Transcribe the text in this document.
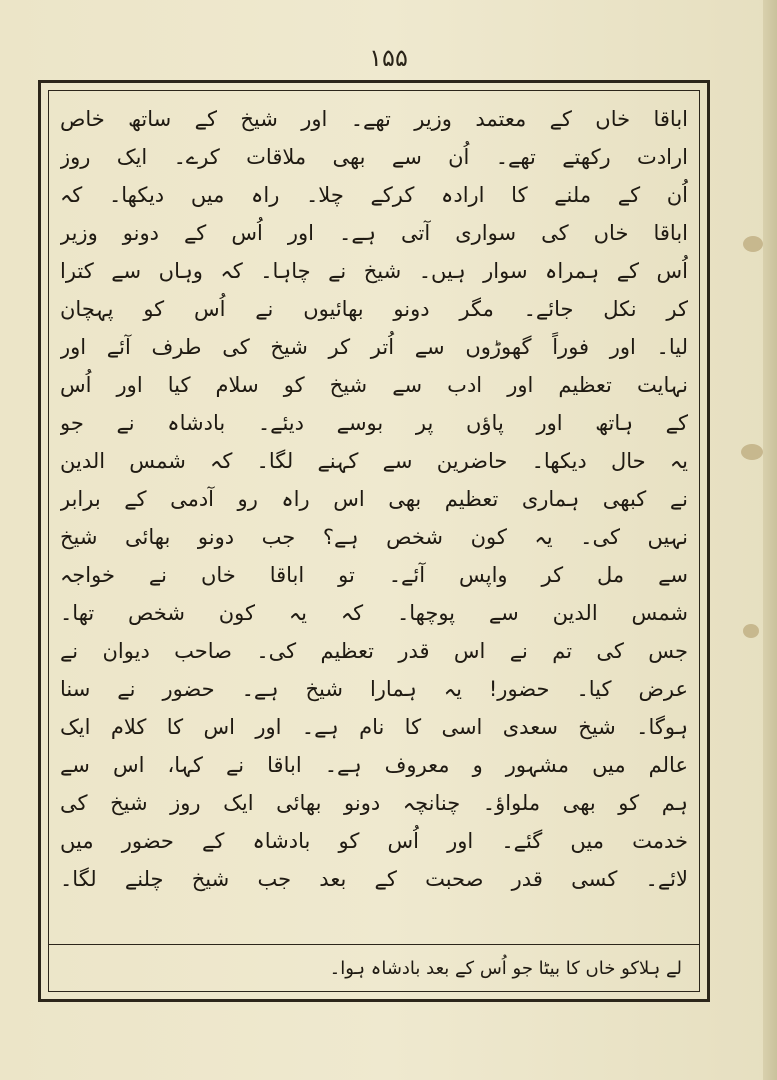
۱۵۵
اباقا خاں کے معتمد وزیر تھے۔ اور شیخ کے ساتھ خاص
ارادت رکھتے تھے۔ اُن سے بھی ملاقات کرے۔ ایک روز
اُن کے ملنے کا ارادہ کرکے چلا۔ راہ میں دیکھا۔ کہ
اباقا خاں کی سواری آتی ہے۔ اور اُس کے دونو وزیر
اُس کے ہمراہ سوار ہیں۔ شیخ نے چاہا۔ کہ وہاں سے کترا
کر نکل جائے۔ مگر دونو بھائیوں نے اُس کو پہچان
لیا۔ اور فوراً گھوڑوں سے اُتر کر شیخ کی طرف آئے اور
نہایت تعظیم اور ادب سے شیخ کو سلام کیا اور اُس
کے ہاتھ اور پاؤں پر بوسے دیئے۔ بادشاہ نے جو
یہ حال دیکھا۔ حاضرین سے کہنے لگا۔ کہ شمس الدین
نے کبھی ہماری تعظیم بھی اس راہ رو آدمی کے برابر
نہیں کی۔ یہ کون شخص ہے؟ جب دونو بھائی شیخ
سے مل کر واپس آئے۔ تو اباقا خاں نے خواجہ
شمس الدین سے پوچھا۔ کہ یہ کون شخص تھا۔
جس کی تم نے اس قدر تعظیم کی۔ صاحب دیوان نے
عرض کیا۔ حضور! یہ ہمارا شیخ ہے۔ حضور نے سنا
ہوگا۔ شیخ سعدی اسی کا نام ہے۔ اور اس کا کلام ایک
عالم میں مشہور و معروف ہے۔ اباقا نے کہا، اس سے
ہم کو بھی ملواؤ۔ چنانچہ دونو بھائی ایک روز شیخ کی
خدمت میں گئے۔ اور اُس کو بادشاہ کے حضور میں
لائے۔ کسی قدر صحبت کے بعد جب شیخ چلنے لگا۔
لے ہلاکو خاں کا بیٹا جو اُس کے بعد بادشاہ ہوا۔
